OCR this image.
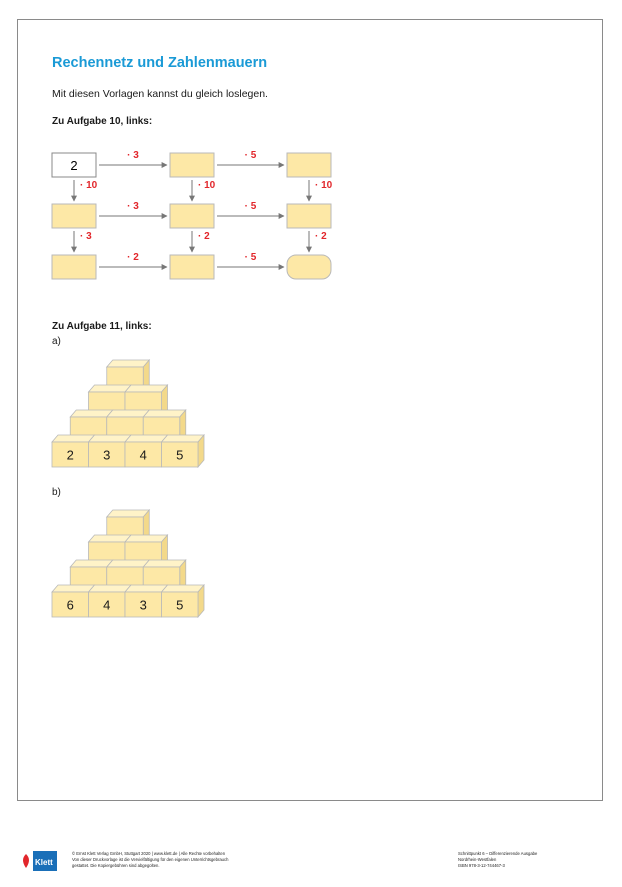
Rechennetz und Zahlenmauern
Mit diesen Vorlagen kannst du gleich loslegen.
Zu Aufgabe 10, links:
Zu Aufgabe 11, links:
a)
b)
· 3	· 5
· 3	· 5
· 2	· 5
· 10	· 10	· 10
· 3	· 2	· 2
2
2 3 4 5
6 4 3 5
Klett
© Ernst Klett Verlag GmbH, Stuttgart 2020 | www.klett.de | Alle Rechte vorbehalten
Von dieser Druckvorlage ist die Vervielfältigung für den eigenen Unterrichtsgebrauch
gestattet. Die Kopiergebühren sind abgegolten.
Schnittpunkt 6 – Differenzierende Ausgabe
Nordrhein-Westfalen
ISBN 978-3-12-744467-3
